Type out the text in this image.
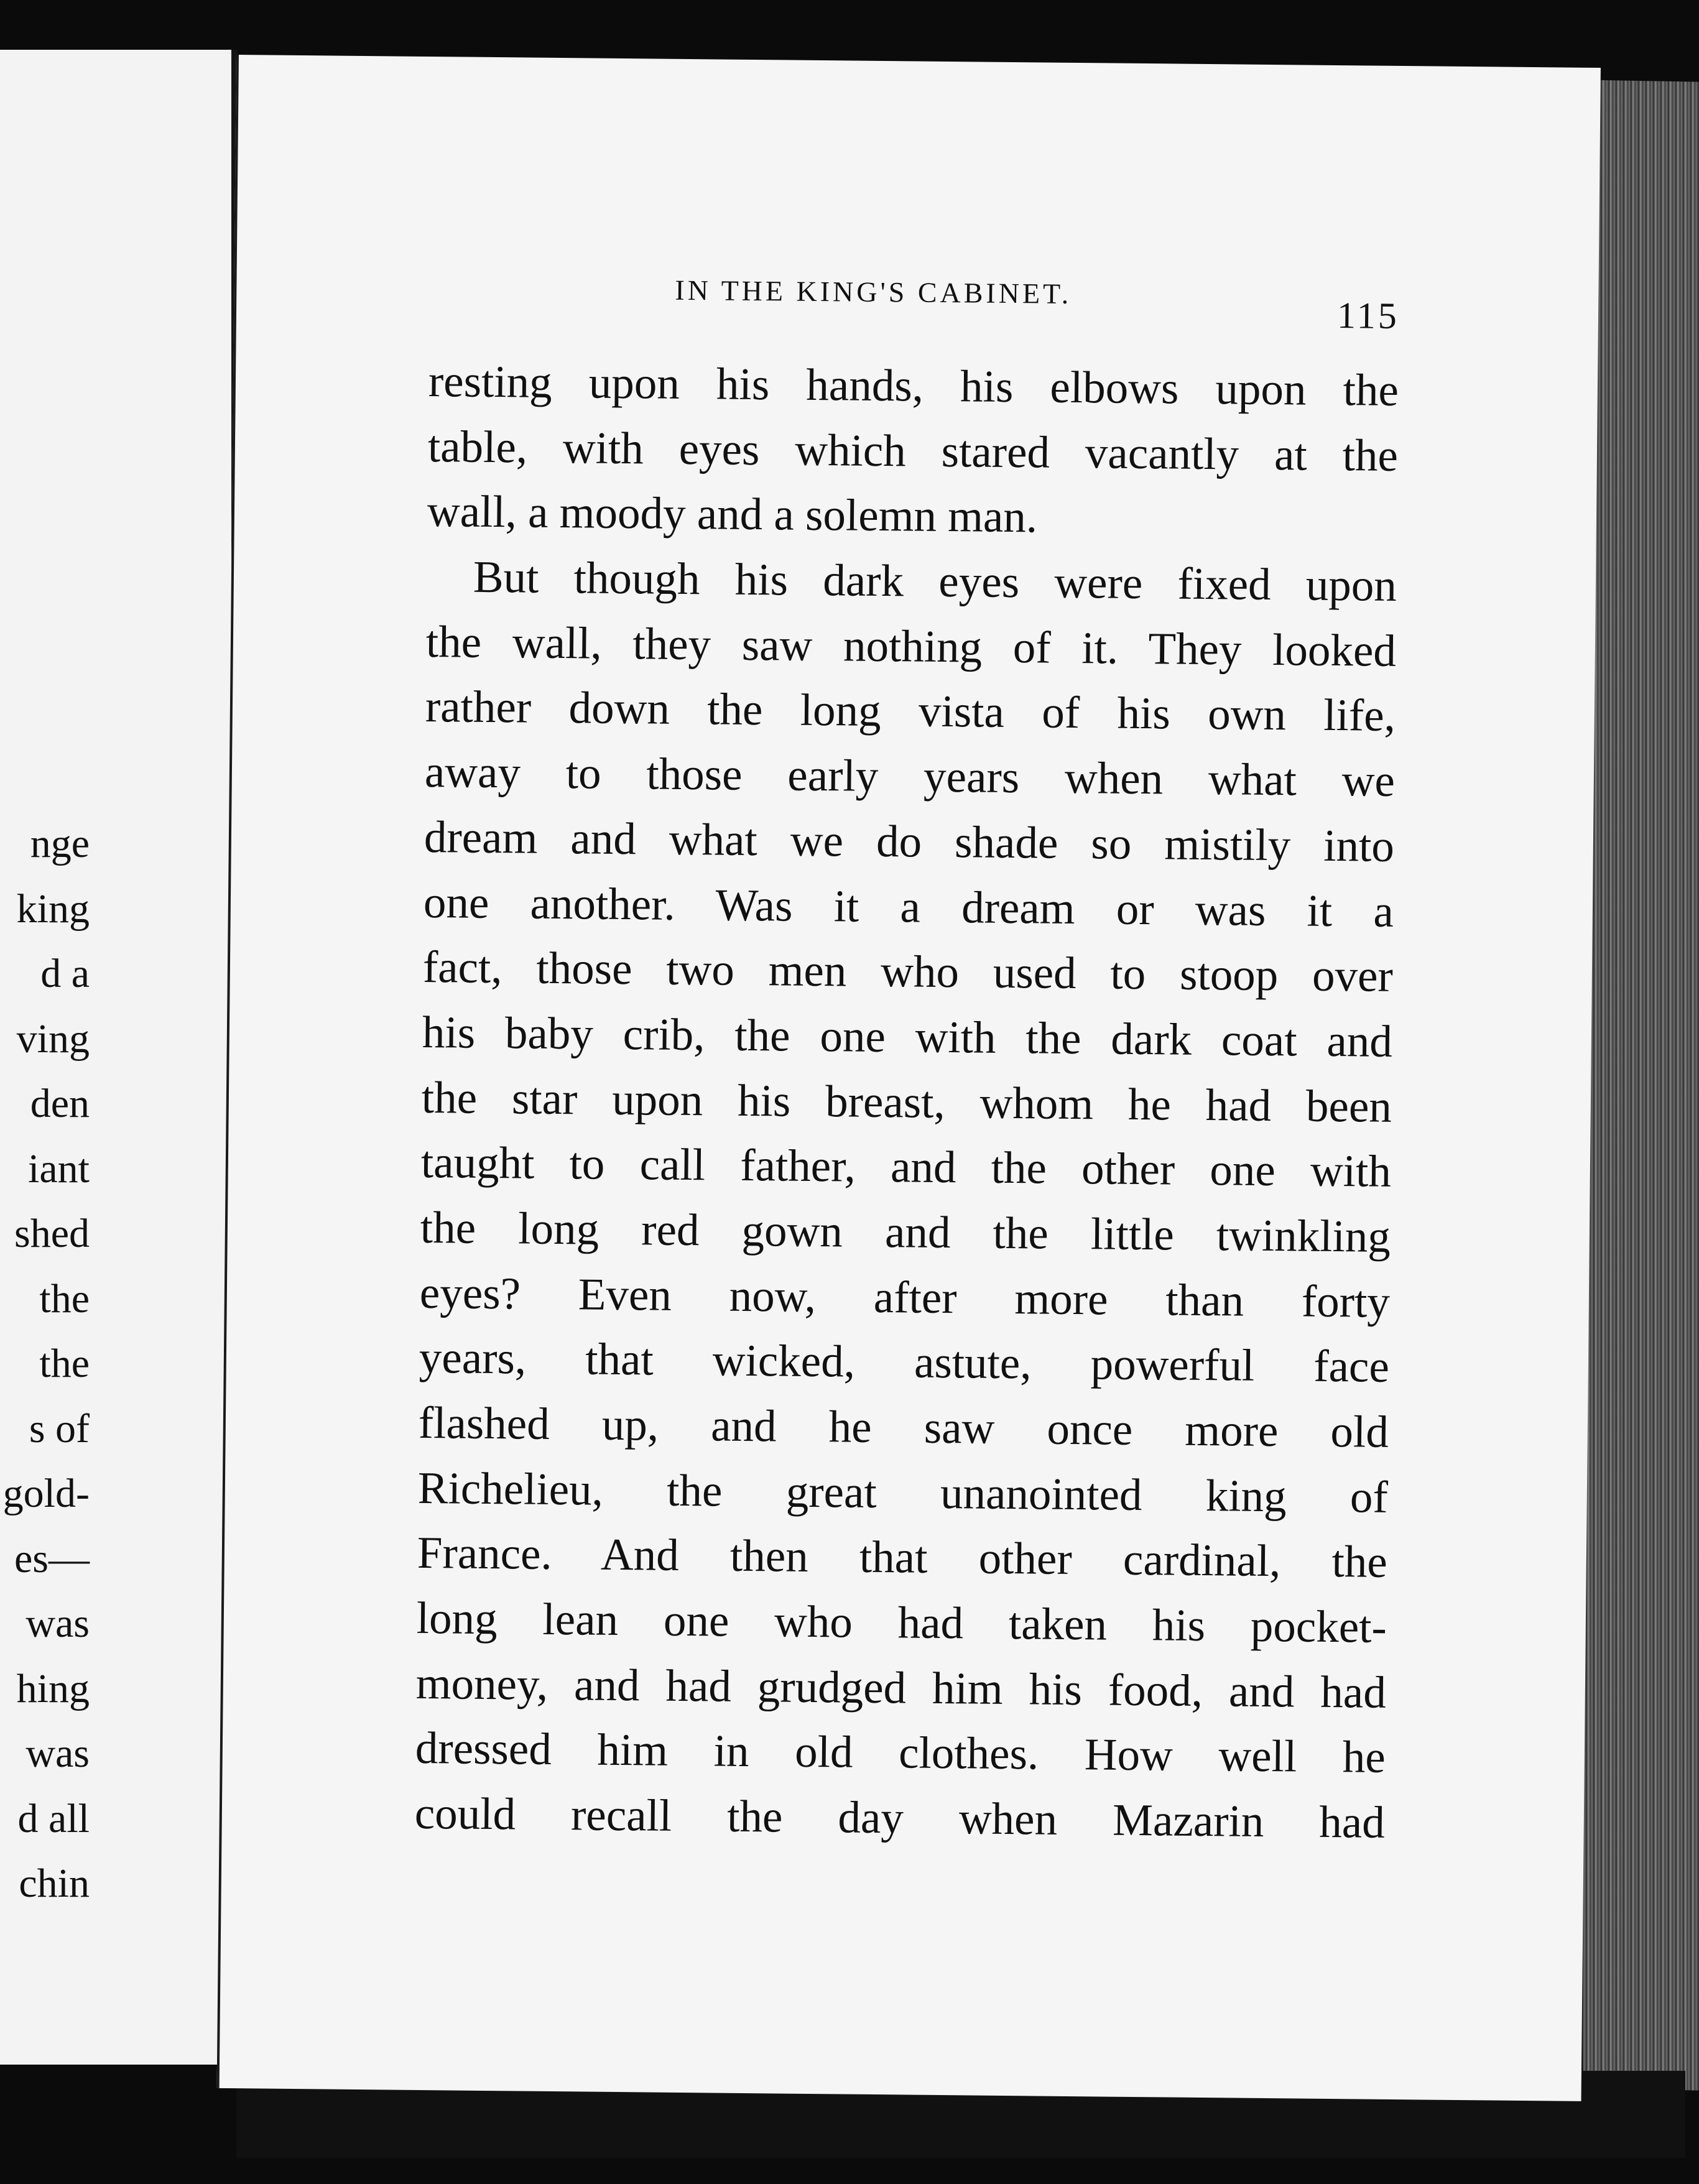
nge
king
d a
ving
den
iant
shed
the
the
s of
gold-
es—
was
hing
was
d all
chin
IN THE KING'S CABINET.
115
resting upon his hands, his elbows upon the
table, with eyes which stared vacantly at the
wall, a moody and a solemn man.
But though his dark eyes were fixed upon
the wall, they saw nothing of it. They looked
rather down the long vista of his own life,
away to those early years when what we
dream and what we do shade so mistily into
one another. Was it a dream or was it a
fact, those two men who used to stoop over
his baby crib, the one with the dark coat and
the star upon his breast, whom he had been
taught to call father, and the other one with
the long red gown and the little twinkling
eyes? Even now, after more than forty
years, that wicked, astute, powerful face
flashed up, and he saw once more old
Richelieu, the great unanointed king of
France. And then that other cardinal, the
long lean one who had taken his pocket-
money, and had grudged him his food, and had
dressed him in old clothes. How well he
could recall the day when Mazarin had
